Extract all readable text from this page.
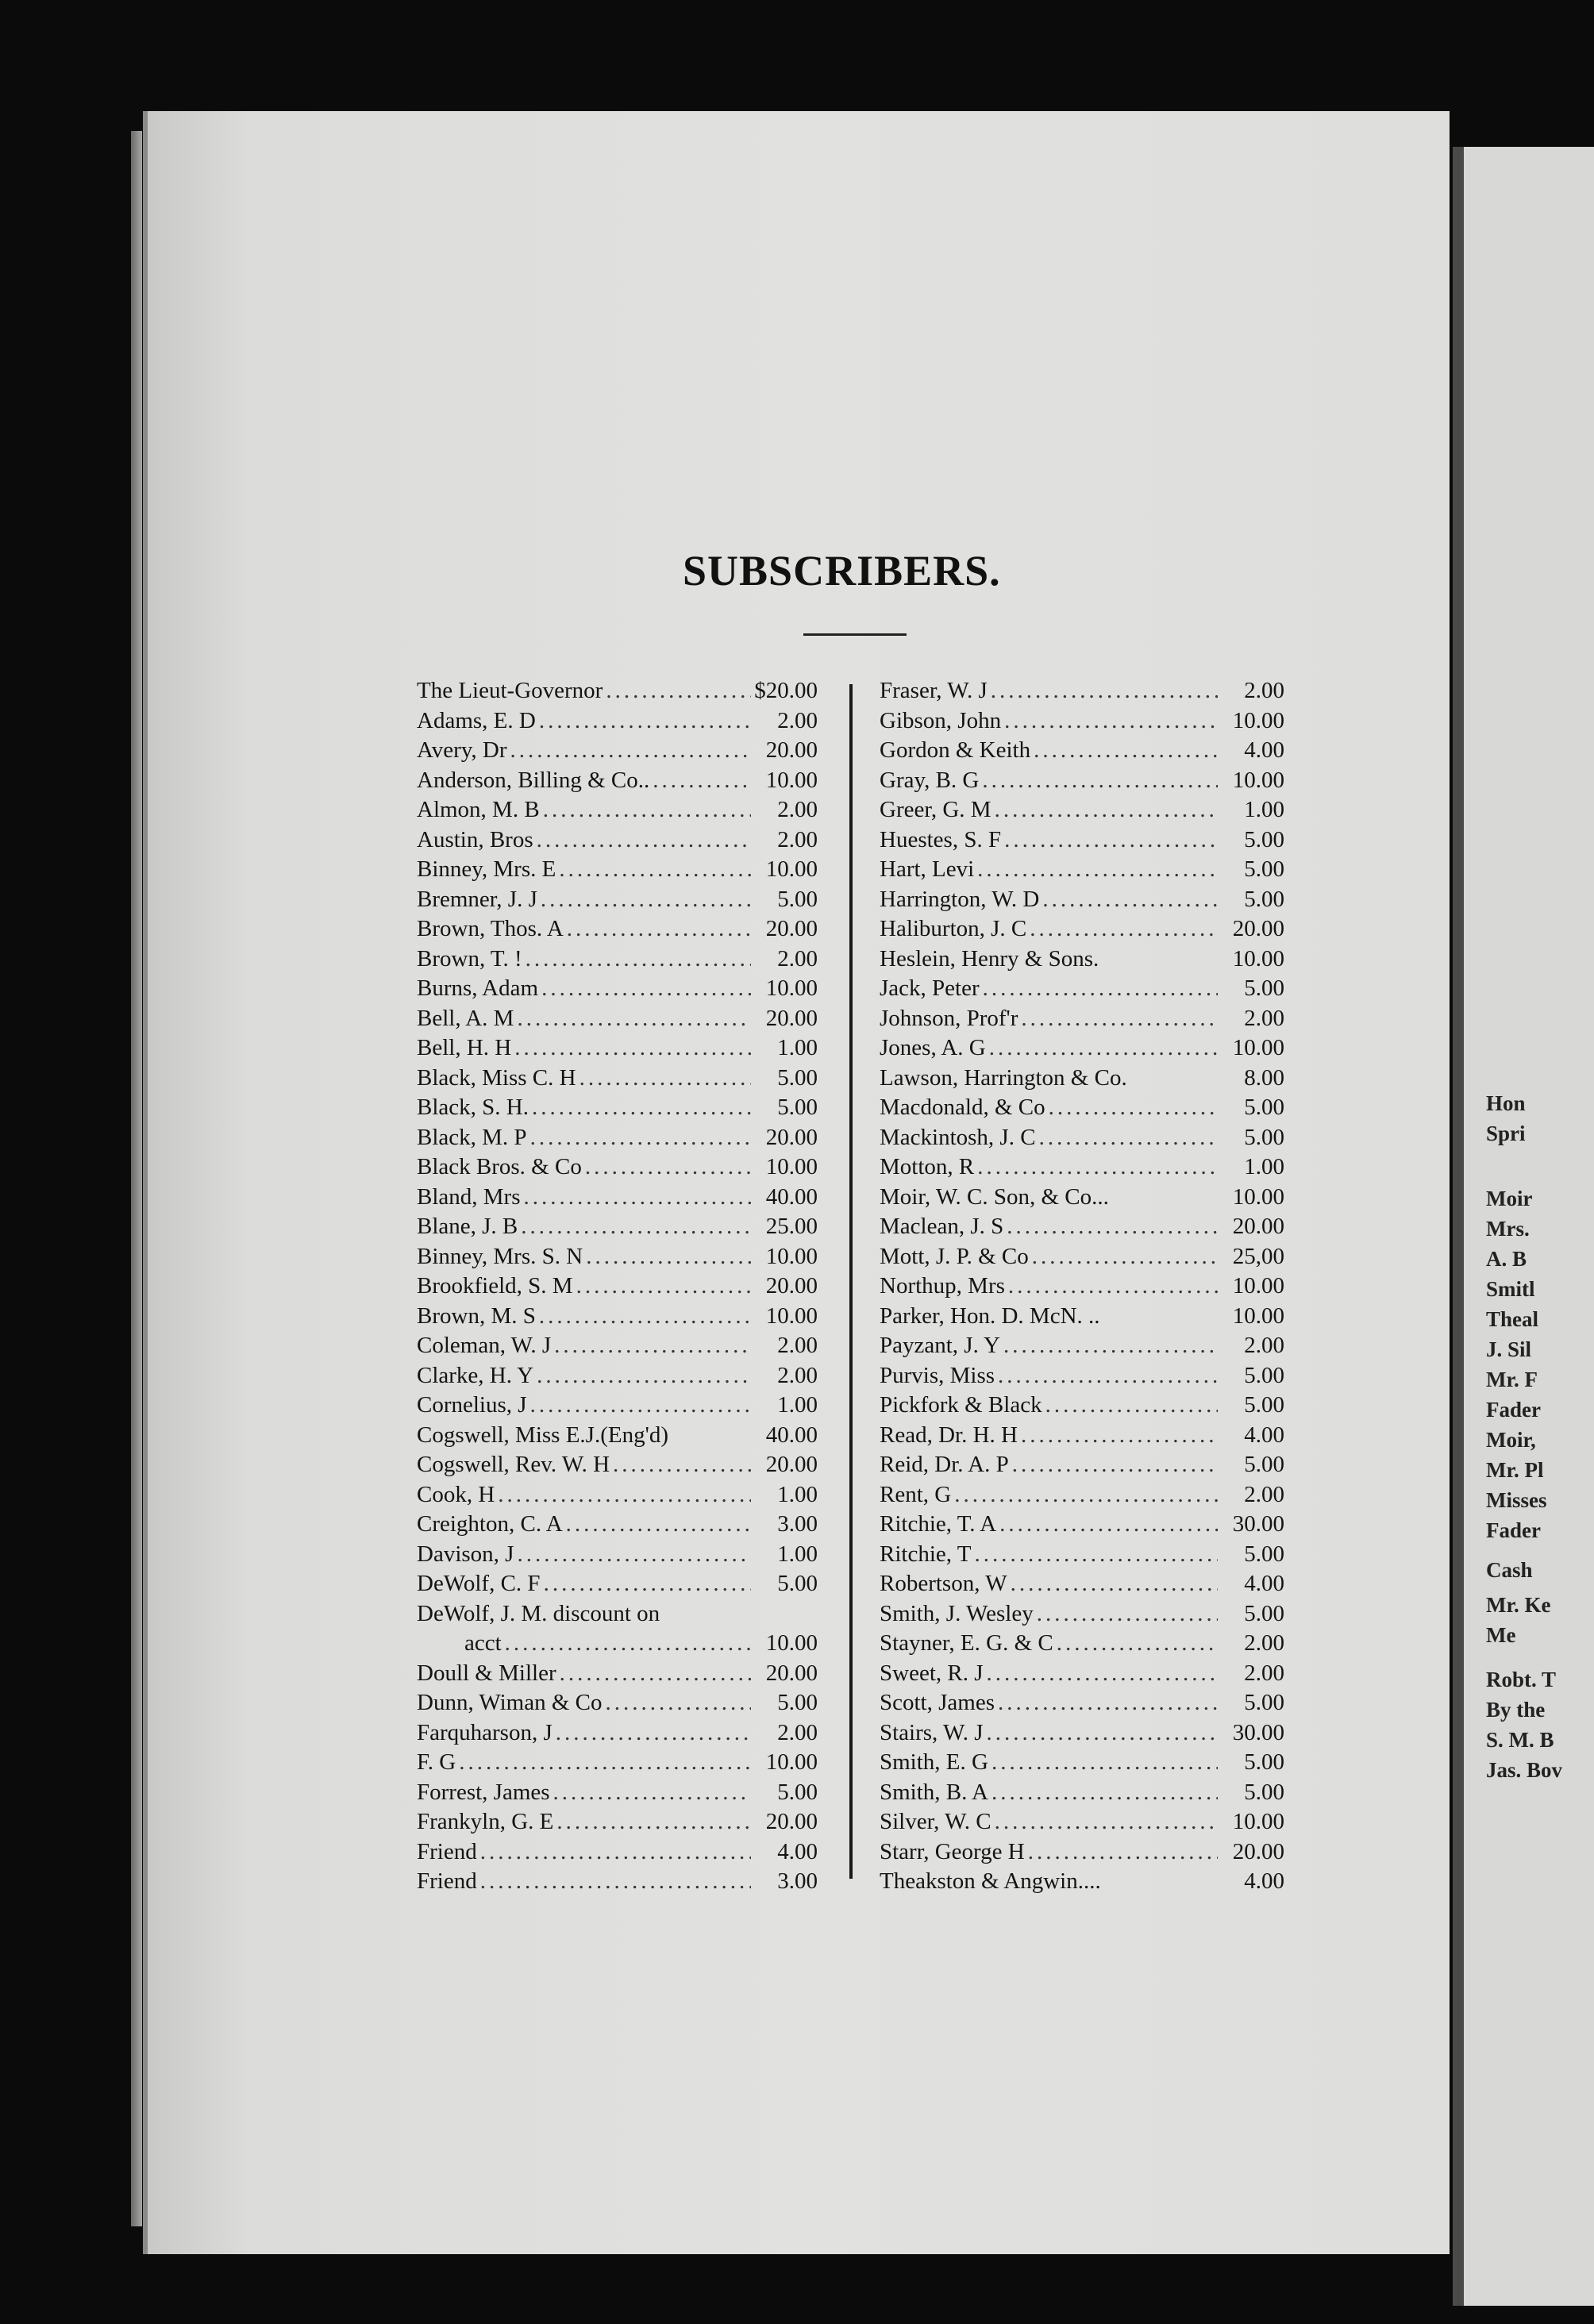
Hon
Spri
Moir
Mrs.
A. B
Smitl
Theal
J. Sil
Mr. F
Fader
Moir,
Mr. Pl
Misses
Fader
Cash
Mr. Ke
Me
Robt. T
By the
S. M. B
Jas. Bov
SUBSCRIBERS.
The Lieut-Governor .....	$20.00
Adams, E. D .....	2.00
Avery, Dr .....	20.00
Anderson, Billing & Co.. .....	10.00
Almon, M. B .....	2.00
Austin, Bros .....	2.00
Binney, Mrs. E .....	10.00
Bremner, J. J .....	5.00
Brown, Thos. A .....	20.00
Brown, T. ! .....	2.00
Burns, Adam .....	10.00
Bell, A. M .....	20.00
Bell, H. H .....	1.00
Black, Miss C. H .....	5.00
Black, S. H. .....	5.00
Black, M. P .....	20.00
Black Bros. & Co .....	10.00
Bland, Mrs .....	40.00
Blane, J. B .....	25.00
Binney, Mrs. S. N .....	10.00
Brookfield, S. M .....	20.00
Brown, M. S .....	10.00
Coleman, W. J .....	2.00
Clarke, H. Y .....	2.00
Cornelius, J .....	1.00
Cogswell, Miss E.J.(Eng'd)	40.00
Cogswell, Rev. W. H .....	20.00
Cook, H .....	1.00
Creighton, C. A .....	3.00
Davison, J .....	1.00
DeWolf, C. F .....	5.00
DeWolf, J. M. discount on
acct .....	10.00
Doull & Miller .....	20.00
Dunn, Wiman & Co .....	5.00
Farquharson, J .....	2.00
F. G .....	10.00
Forrest, James .....	5.00
Frankyln, G. E .....	20.00
Friend .....	4.00
Friend .....	3.00
Fraser, W. J .....	2.00
Gibson, John .....	10.00
Gordon & Keith .....	4.00
Gray, B. G .....	10.00
Greer, G. M .....	1.00
Huestes, S. F .....	5.00
Hart, Levi .....	5.00
Harrington, W. D .....	5.00
Haliburton, J. C .....	20.00
Heslein, Henry & Sons.	10.00
Jack, Peter .....	5.00
Johnson, Prof'r .....	2.00
Jones, A. G .....	10.00
Lawson, Harrington & Co.	8.00
Macdonald, & Co .....	5.00
Mackintosh, J. C .....	5.00
Motton, R .....	1.00
Moir, W. C. Son, & Co...	10.00
Maclean, J. S .....	20.00
Mott, J. P. & Co .....	25,00
Northup, Mrs .....	10.00
Parker, Hon. D. McN. ..	10.00
Payzant, J. Y .....	2.00
Purvis, Miss .....	5.00
Pickfork & Black .....	5.00
Read, Dr. H. H .....	4.00
Reid, Dr. A. P .....	5.00
Rent, G .....	2.00
Ritchie, T. A .....	30.00
Ritchie, T .....	5.00
Robertson, W .....	4.00
Smith, J. Wesley .....	5.00
Stayner, E. G. & C .....	2.00
Sweet, R. J .....	2.00
Scott, James .....	5.00
Stairs, W. J .....	30.00
Smith, E. G .....	5.00
Smith, B. A .....	5.00
Silver, W. C .....	10.00
Starr, George H .....	20.00
Theakston & Angwin....	4.00
